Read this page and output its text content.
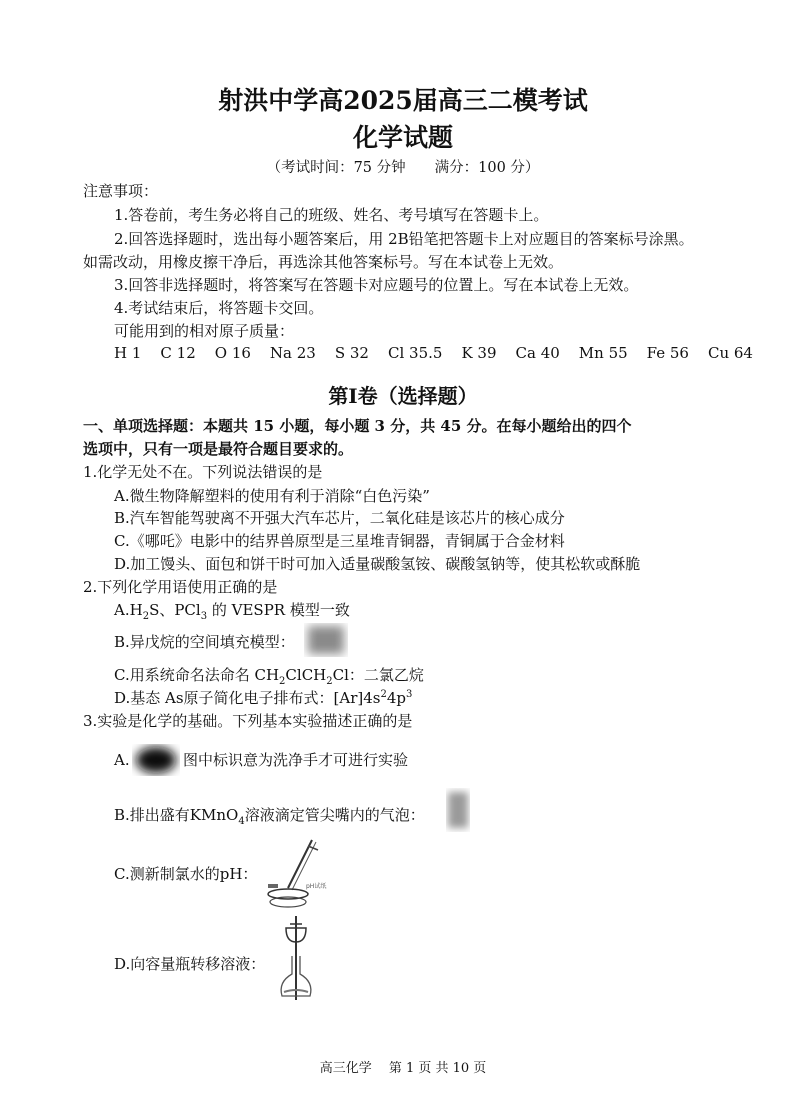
射洪中学高2025届高三二模考试
化学试题
（考试时间：75 分钟　　满分：100 分）
注意事项：
1.答卷前，考生务必将自己的班级、姓名、考号填写在答题卡上。
2.回答选择题时，选出每小题答案后，用 2B铅笔把答题卡上对应题目的答案标号涂黑。
如需改动，用橡皮擦干净后，再选涂其他答案标号。写在本试卷上无效。
3.回答非选择题时，将答案写在答题卡对应题号的位置上。写在本试卷上无效。
4.考试结束后，将答题卡交回。
可能用到的相对原子质量：
H 1 C 12 O 16 Na 23 S 32 Cl 35.5 K 39 Ca 40 Mn 55 Fe 56 Cu 64
第I卷（选择题）
一、单项选择题：本题共 15 小题，每小题 3 分，共 45 分。在每小题给出的四个
选项中，只有一项是最符合题目要求的。
1.化学无处不在。下列说法错误的是
A.微生物降解塑料的使用有利于消除“白色污染”
B.汽车智能驾驶离不开强大汽车芯片，二氧化硅是该芯片的核心成分
C.《哪吒》电影中的结界兽原型是三星堆青铜器，青铜属于合金材料
D.加工馒头、面包和饼干时可加入适量碳酸氢铵、碳酸氢钠等，使其松软或酥脆
2.下列化学用语使用正确的是
$A.H_2S$、PCl$_3$ 的 VESPR 模型一致
B.异戊烷的空间填充模型：
C.用系统命名法命名 $CH_2ClCH_2Cl$：二氯乙烷
D.基态 As原子简化电子排布式：$[Ar]4s^24p^3$
3.实验是化学的基础。下列基本实验描述正确的是
A.	图中标识意为洗净手才可进行实验
B.排出盛有KMnO$_4$溶液滴定管尖嘴内的气泡：
C.测新制氯水的pH：
pH试纸
D.向容量瓶转移溶液：
高三化学　 第 1 页 共 10 页
